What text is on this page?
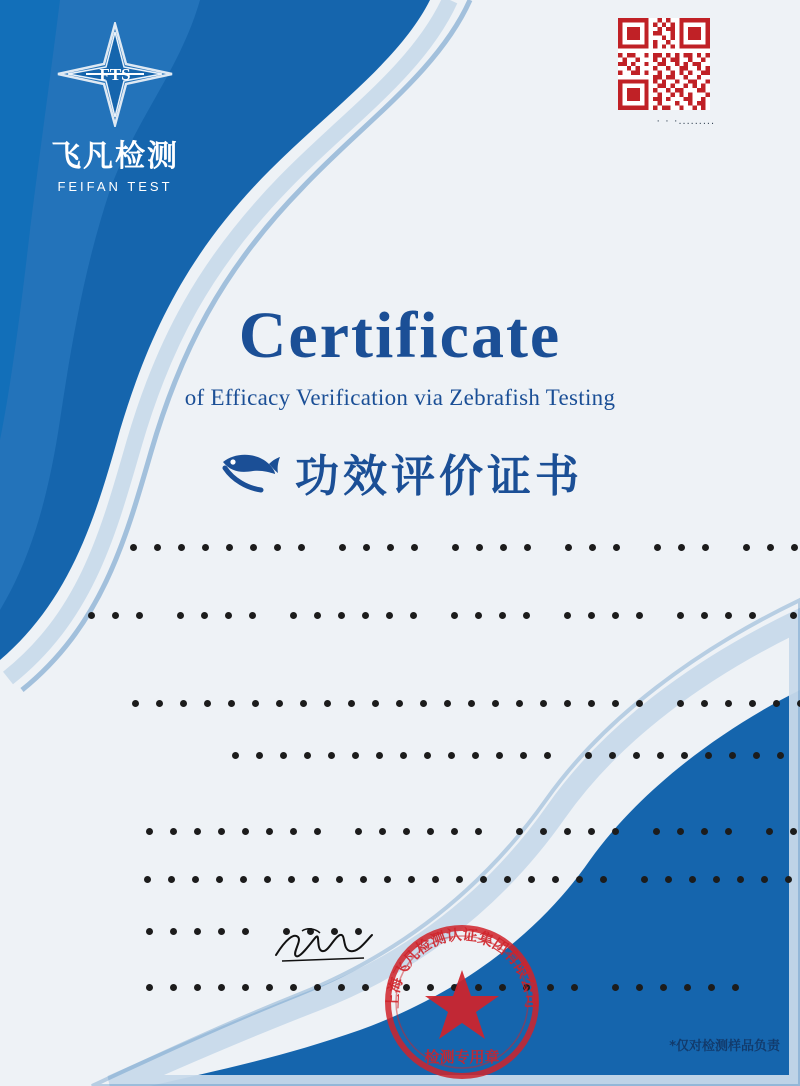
FTS
飞凡检测
FEIFAN TEST
· · ·.........
Certificate
of Efficacy Verification via Zebrafish Testing
功效评价证书
上海飞凡检测认证集团有限公司
检测专用章
*仅对检测样品负责
